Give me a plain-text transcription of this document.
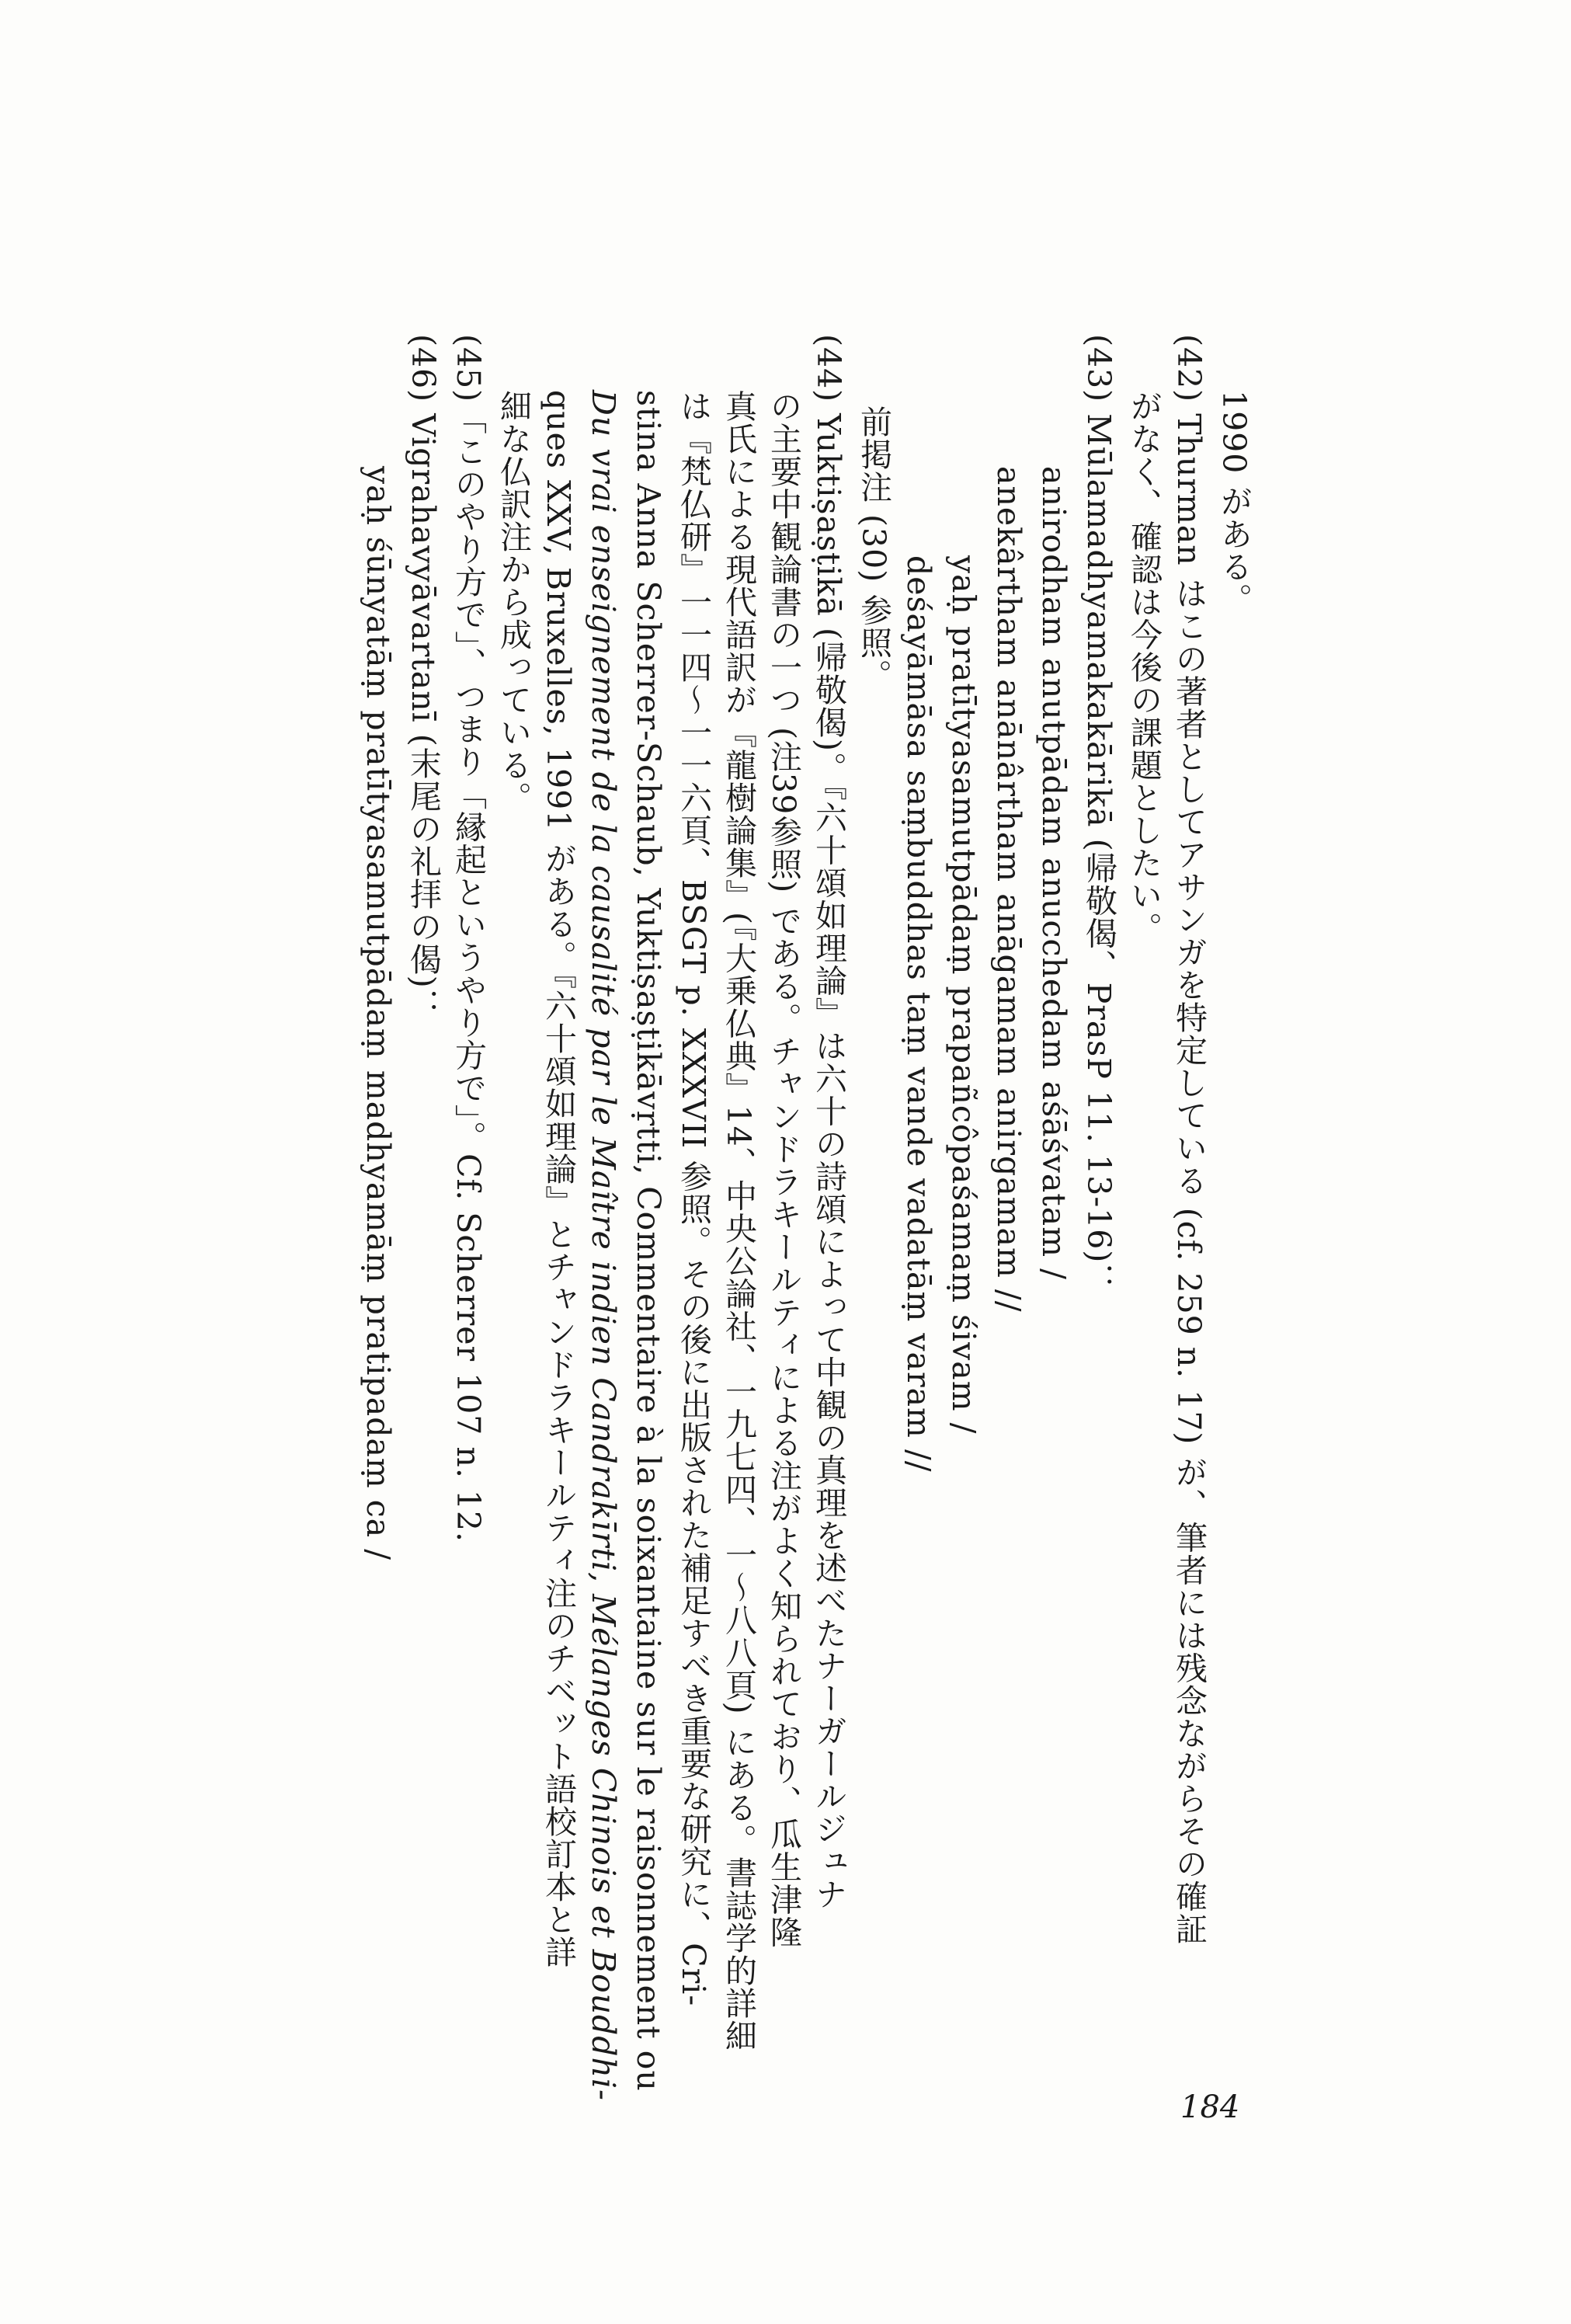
1990 がある。
(42) Thurman はこの著者としてアサンガを特定している (cf. 259 n. 17) が、筆者には残念ながらその確証
がなく、確認は今後の課題としたい。
(43) Mūlamadhyamakakārikā (帰敬偈、PrasP 11. 13-16)：
anirodham anutpādam anucchedam aśāśvatam /
anekârtham anānârtham anāgamam anirgamam //
yaḥ pratītyasamutpādaṃ prapañcôpaśamaṃ śivam /
deśayāmāsa saṃbuddhas taṃ vande vadatāṃ varam //
前掲注 (30) 参照。
(44) Yuktiṣaṣṭikā (帰敬偈)。『六十頌如理論』は六十の詩頌によって中観の真理を述べたナーガールジュナ
の主要中観論書の一つ (注39参照) である。チャンドラキールティによる注がよく知られており、瓜生津隆
真氏による現代語訳が『龍樹論集』(『大乗仏典』14、中央公論社、一九七四、一〜八八頁) にある。書誌学的詳細
は『梵仏研』一一四〜一一六頁、BSGT p. XXXVII 参照。その後に出版された補足すべき重要な研究に、Cri-
stina Anna Scherrer-Schaub, Yuktiṣaṣṭikāvṛtti, Commentaire à la soixantaine sur le raisonnement ou
Du vrai enseignement de la causalité par le Maître indien Candrakīrti, Mélanges Chinois et Bouddhi-
ques XXV, Bruxelles, 1991 がある。『六十頌如理論』とチャンドラキールティ注のチベット語校訂本と詳
細な仏訳注から成っている。
(45)「このやり方で」、つまり「縁起というやり方で」。Cf. Scherrer 107 n. 12.
(46) Vigrahavyāvartanī (末尾の礼拝の偈)：
yaḥ śūnyatāṃ pratītyasamutpādaṃ madhyamāṃ pratipadaṃ ca /
184
